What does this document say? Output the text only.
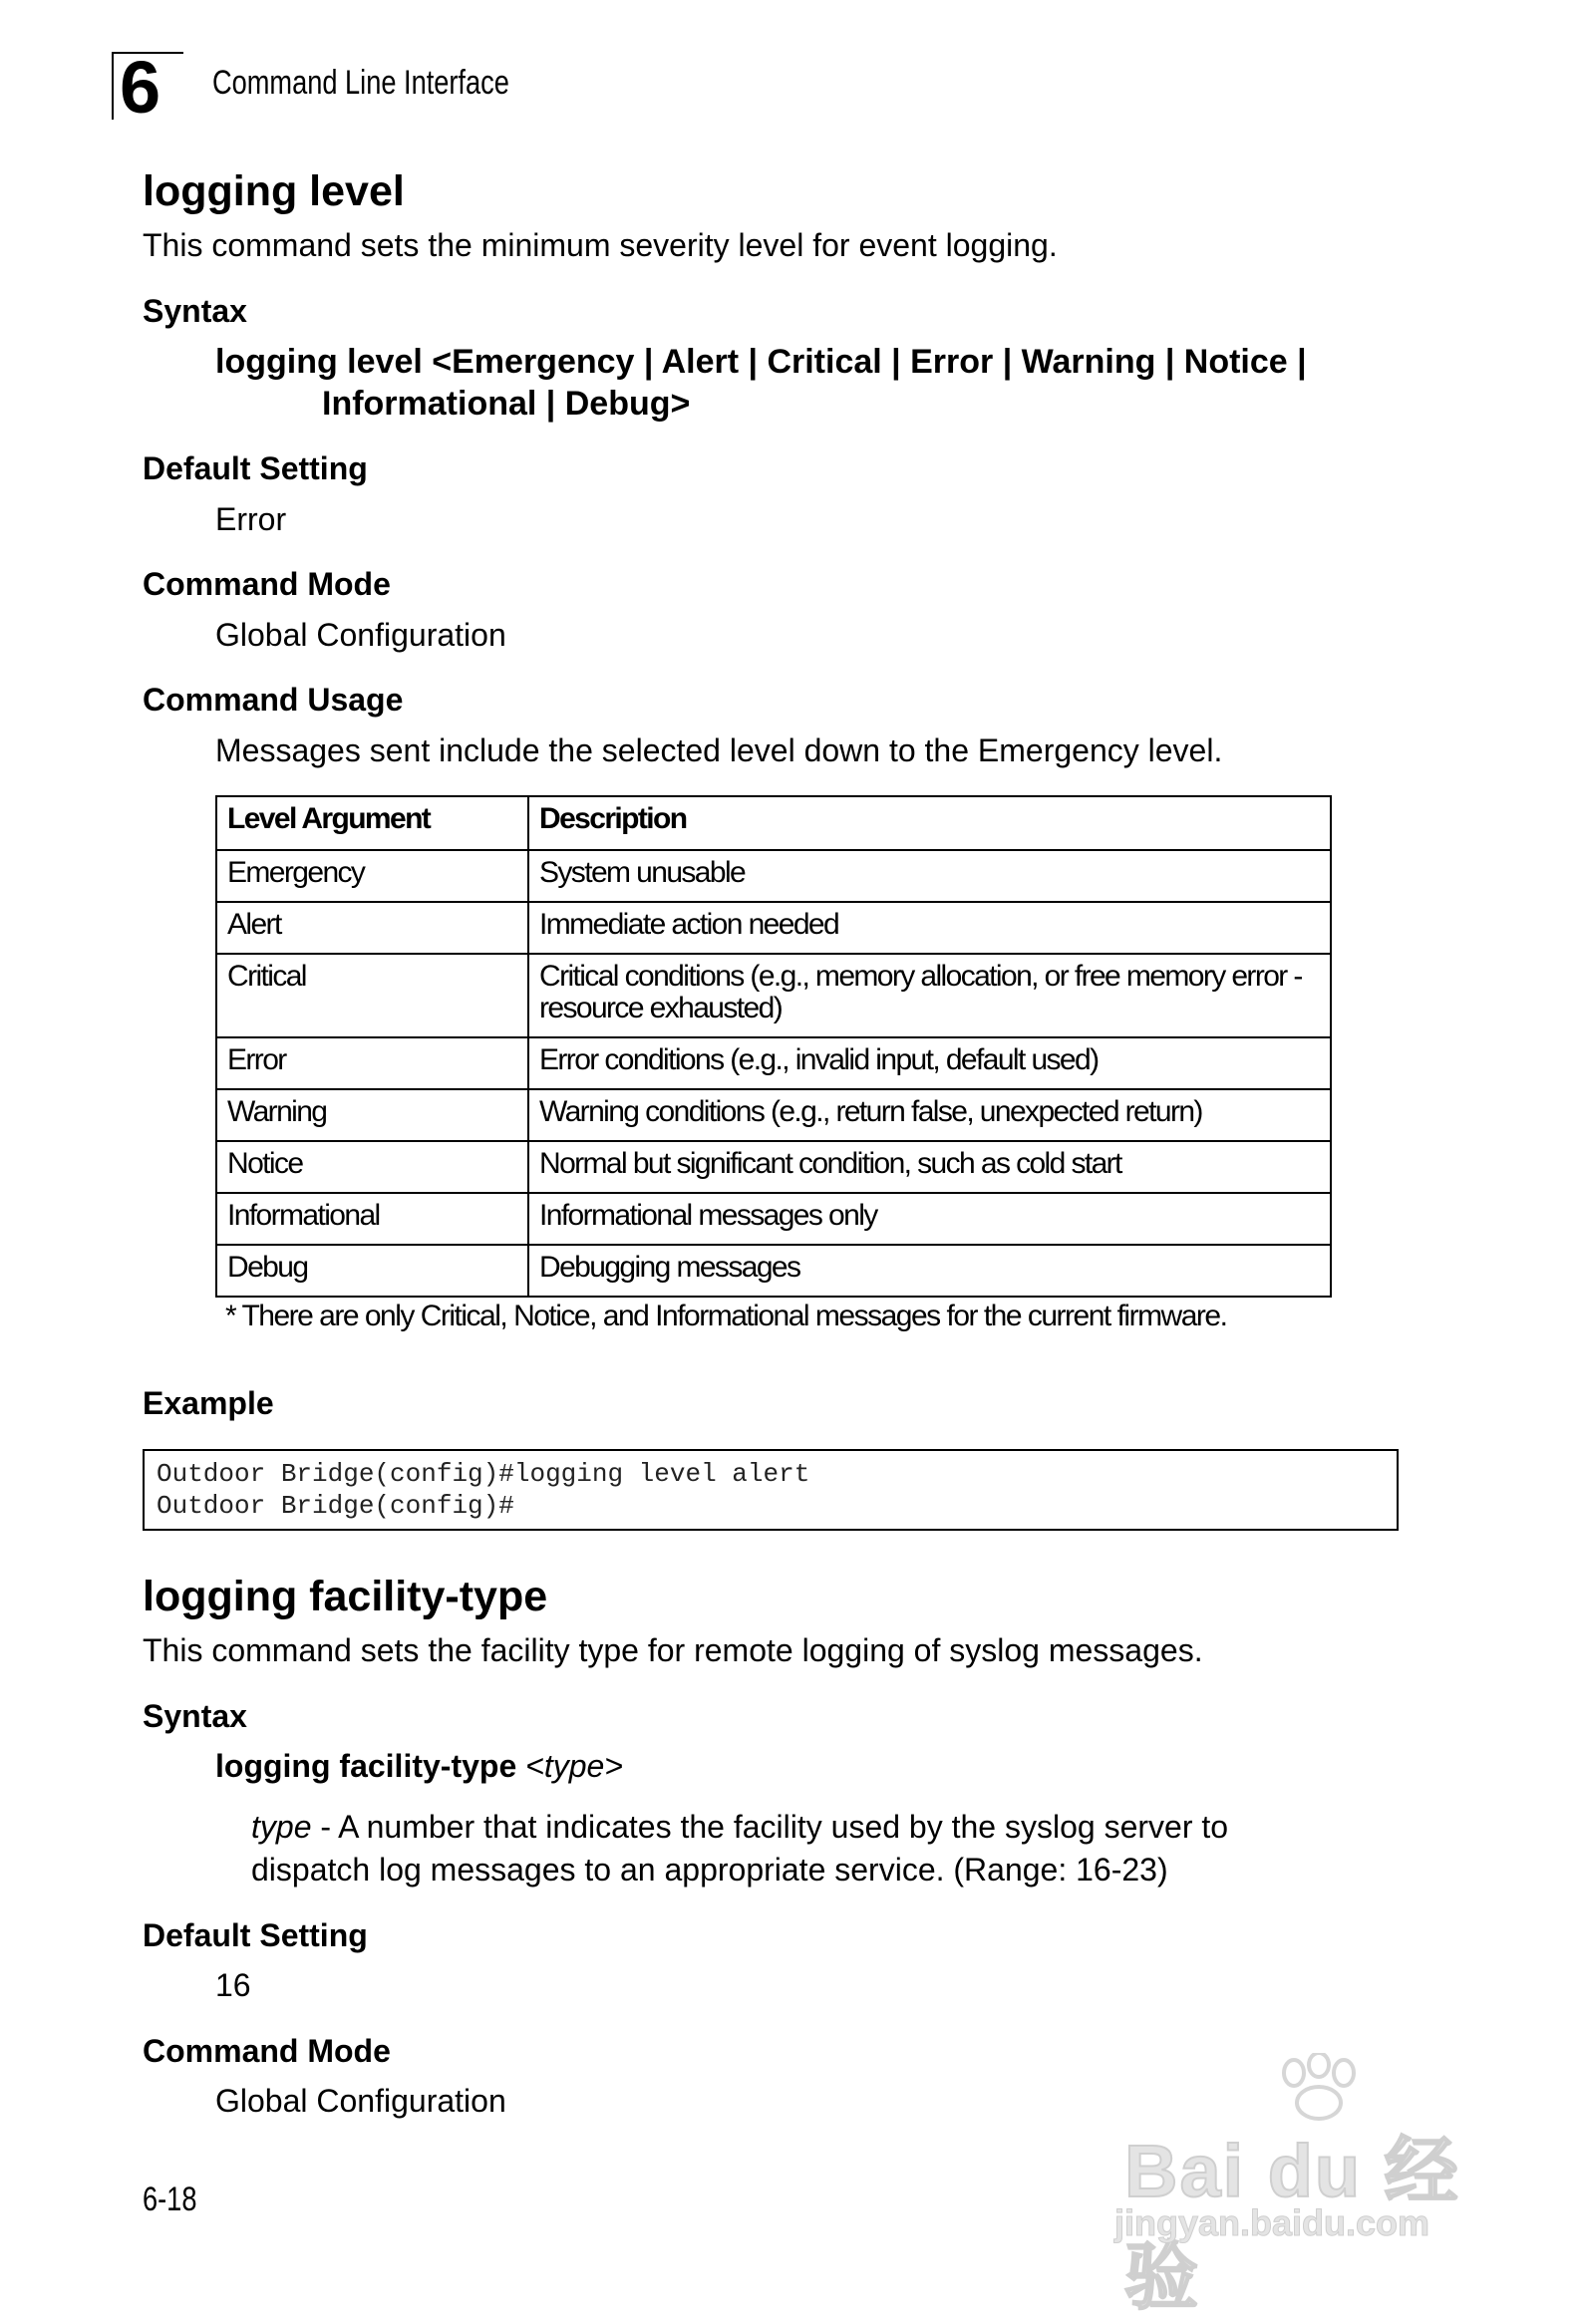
6 Command Line Interface
logging level
This command sets the minimum severity level for event logging.
Syntax
logging level <Emergency | Alert | Critical | Error | Warning | Notice |
Informational | Debug>
Default Setting
Error
Command Mode
Global Configuration
Command Usage
Messages sent include the selected level down to the Emergency level.
Level Argument	Description
Emergency	System unusable
Alert	Immediate action needed
Critical	Critical conditions (e.g., memory allocation, or free memory error - resource exhausted)
Error	Error conditions (e.g., invalid input, default used)
Warning	Warning conditions (e.g., return false, unexpected return)
Notice	Normal but significant condition, such as cold start
Informational	Informational messages only
Debug	Debugging messages
* There are only Critical, Notice, and Informational messages for the current firmware.
Example
Outdoor Bridge(config)#logging level alert
Outdoor Bridge(config)#
logging facility-type
This command sets the facility type for remote logging of syslog messages.
Syntax
logging facility-type <type>
type - A number that indicates the facility used by the syslog server to
dispatch log messages to an appropriate service. (Range: 16-23)
Default Setting
16
Command Mode
Global Configuration
6-18	Bai du 经验
jingyan.baidu.com
